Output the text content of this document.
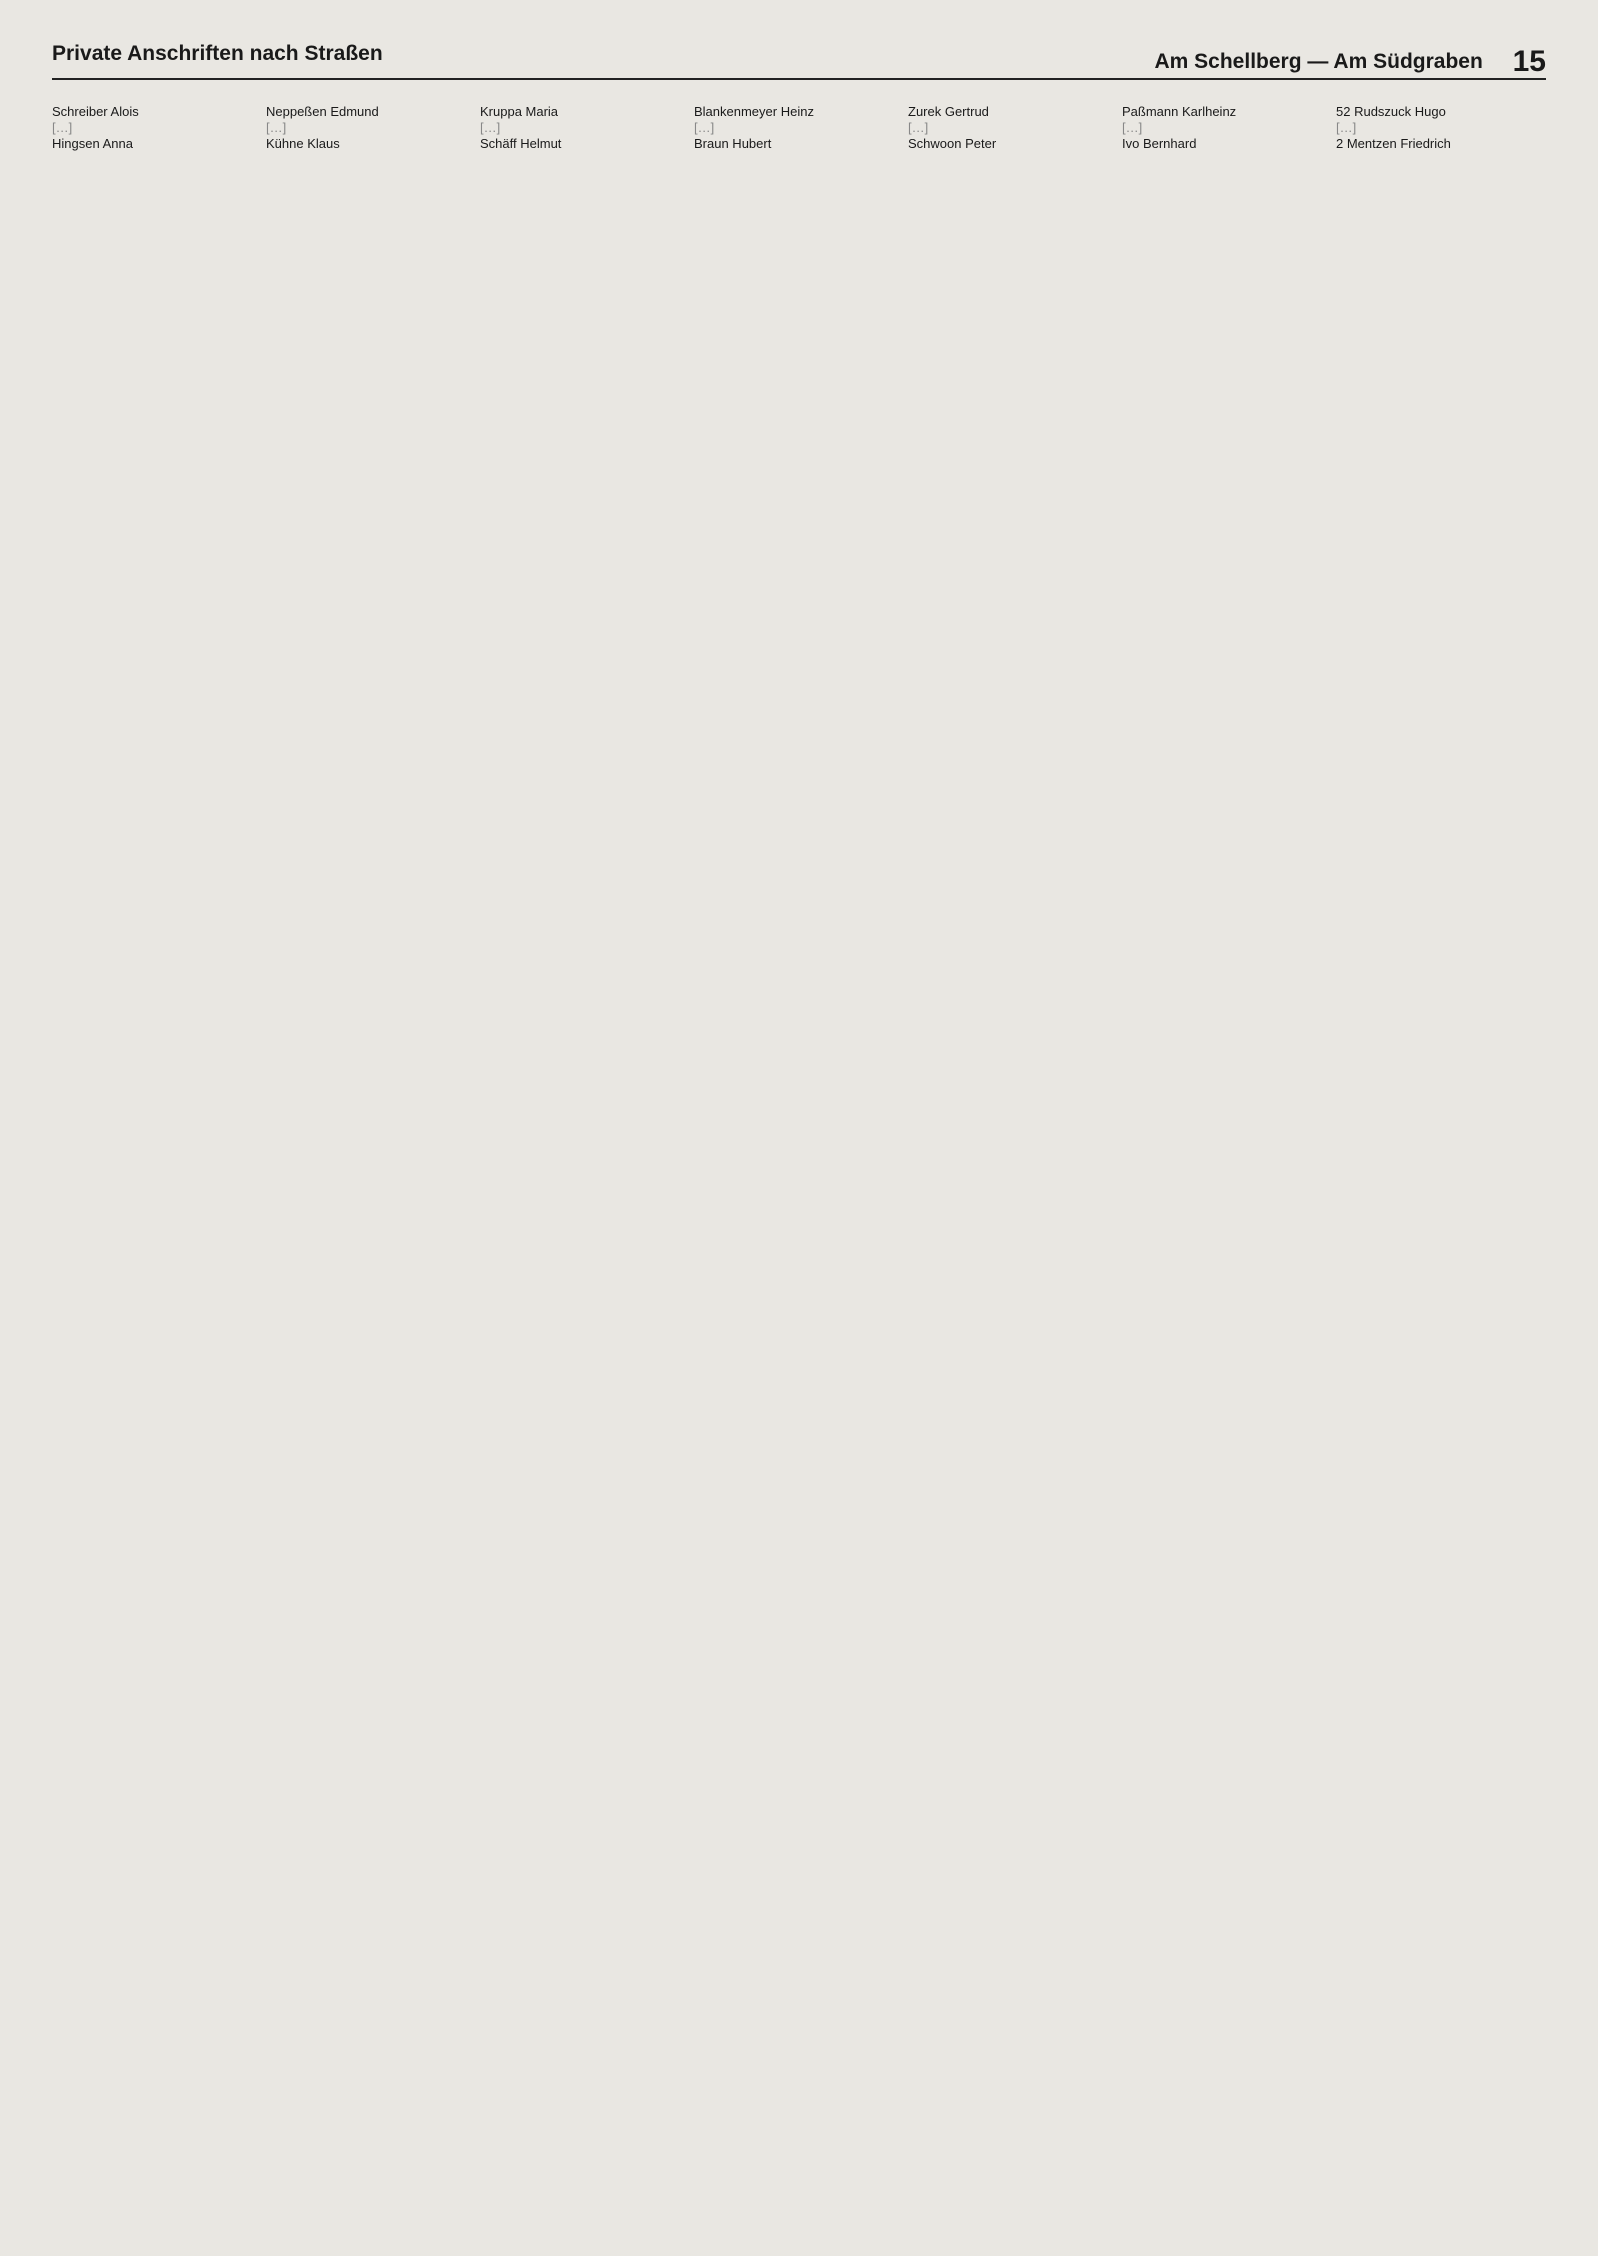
Private Anschriften nach Straßen	Am Schellberg — Am Südgraben 15
Schreiber Alois
[…]
Hingsen Anna
Neppeßen Edmund
[…]
Kühne Klaus
Kruppa Maria
[…]
Schäff Helmut
Blankenmeyer Heinz
[…]
Braun Hubert
Zurek Gertrud
[…]
Schwoon Peter
Paßmann Karlheinz
[…]
Ivo Bernhard
52 Rudszuck Hugo
[…]
2 Mentzen Friedrich
